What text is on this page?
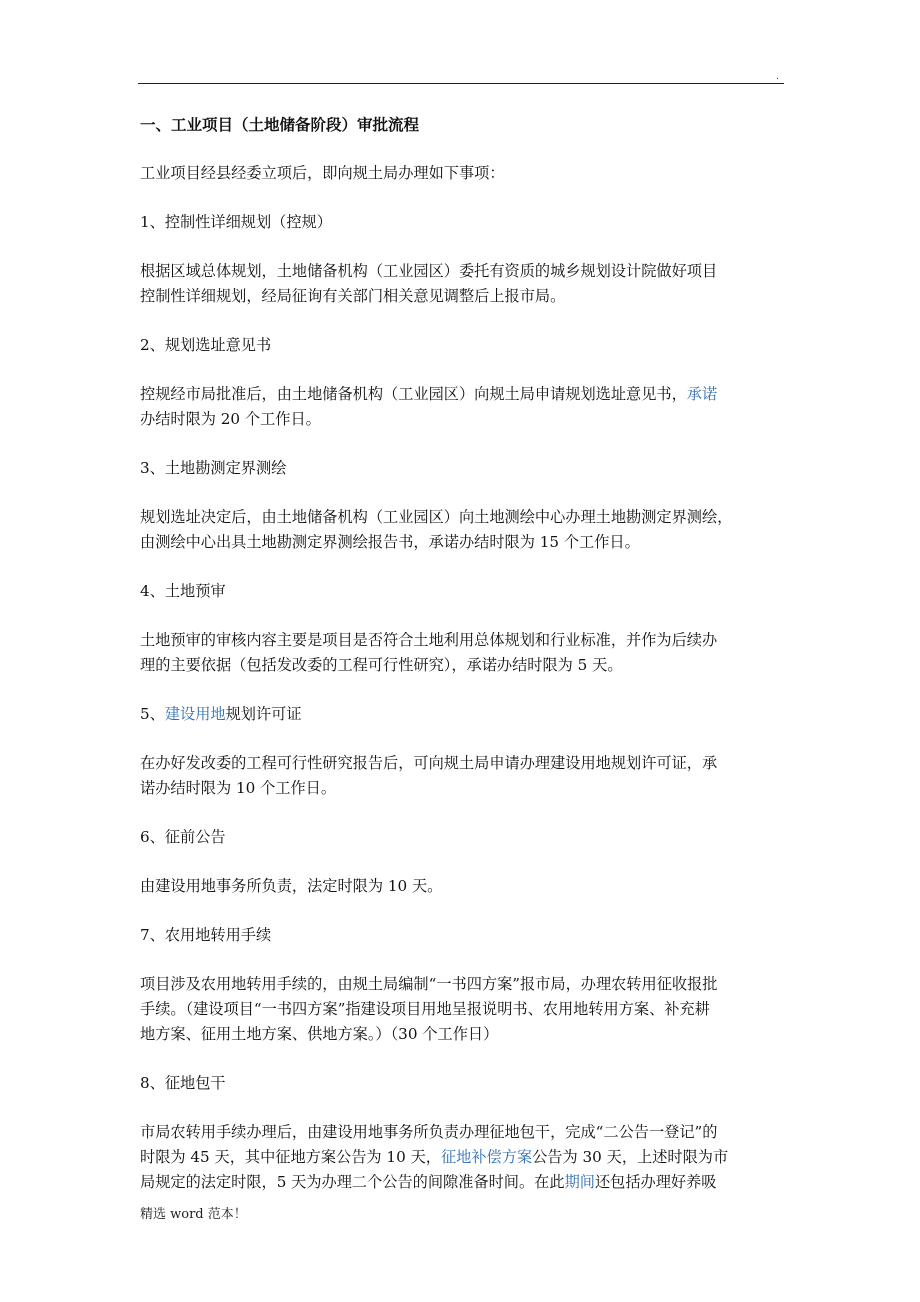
.

一、工业项目（土地储备阶段）审批流程

工业项目经县经委立项后，即向规土局办理如下事项：

1、控制性详细规划（控规）

根据区域总体规划，土地储备机构（工业园区）委托有资质的城乡规划设计院做好项目

控制性详细规划，经局征询有关部门相关意见调整后上报市局。

2、规划选址意见书

控规经市局批准后，由土地储备机构（工业园区）向规土局申请规划选址意见书，承诺

办结时限为 20 个工作日。

3、土地勘测定界测绘

规划选址决定后，由土地储备机构（工业园区）向土地测绘中心办理土地勘测定界测绘，

由测绘中心出具土地勘测定界测绘报告书，承诺办结时限为 15 个工作日。

4、土地预审

土地预审的审核内容主要是项目是否符合土地利用总体规划和行业标准，并作为后续办

理的主要依据（包括发改委的工程可行性研究），承诺办结时限为 5 天。

5、建设用地规划许可证

在办好发改委的工程可行性研究报告后，可向规土局申请办理建设用地规划许可证，承

诺办结时限为 10 个工作日。

6、征前公告

由建设用地事务所负责，法定时限为 10 天。

7、农用地转用手续

项目涉及农用地转用手续的，由规土局编制“一书四方案”报市局，办理农转用征收报批

手续。（建设项目“一书四方案”指建设项目用地呈报说明书、农用地转用方案、补充耕

地方案、征用土地方案、供地方案。）（30 个工作日）

8、征地包干

市局农转用手续办理后，由建设用地事务所负责办理征地包干，完成“二公告一登记”的

时限为 45 天，其中征地方案公告为 10 天，征地补偿方案公告为 30 天，上述时限为市

局规定的法定时限，5 天为办理二个公告的间隙准备时间。在此期间还包括办理好养吸

精选 word 范本！
